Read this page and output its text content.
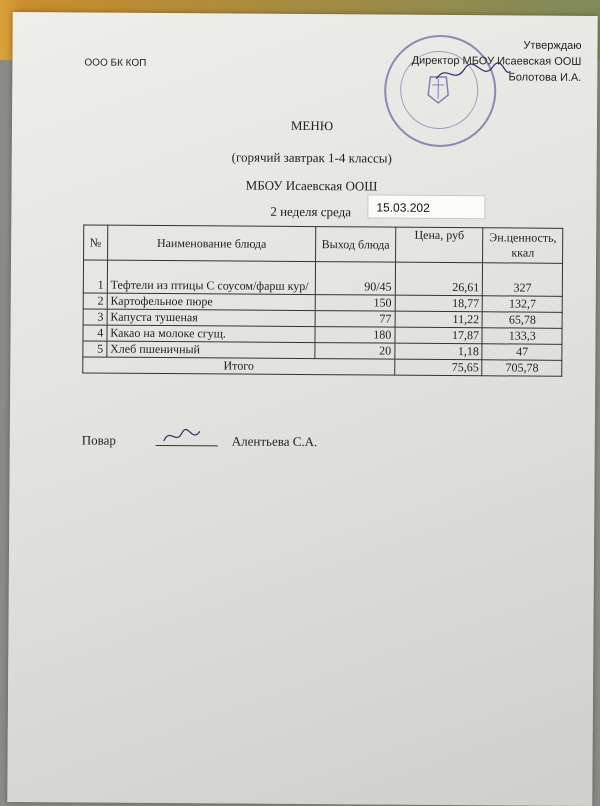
ООО БК КОП
Утверждаю
Директор МБОУ Исаевская ООШ
Болотова И.А.
МЕНЮ
(горячий завтрак 1-4 классы)
МБОУ Исаевская ООШ
2 неделя среда	15.03.202
№	Наименование блюда	Выход блюда	Цена, руб	Эн.ценность, ккал
1	Тефтели из птицы С соусом/фарш кур/	90/45	26,61	327
2	Картофельное пюре	150	18,77	132,7
3	Капуста тушеная	77	11,22	65,78
4	Какао на молоке сгущ.	180	17,87	133,3
5	Хлеб пшеничный	20	1,18	47
Итого			75,65	705,78
Повар	Алентьева С.А.
